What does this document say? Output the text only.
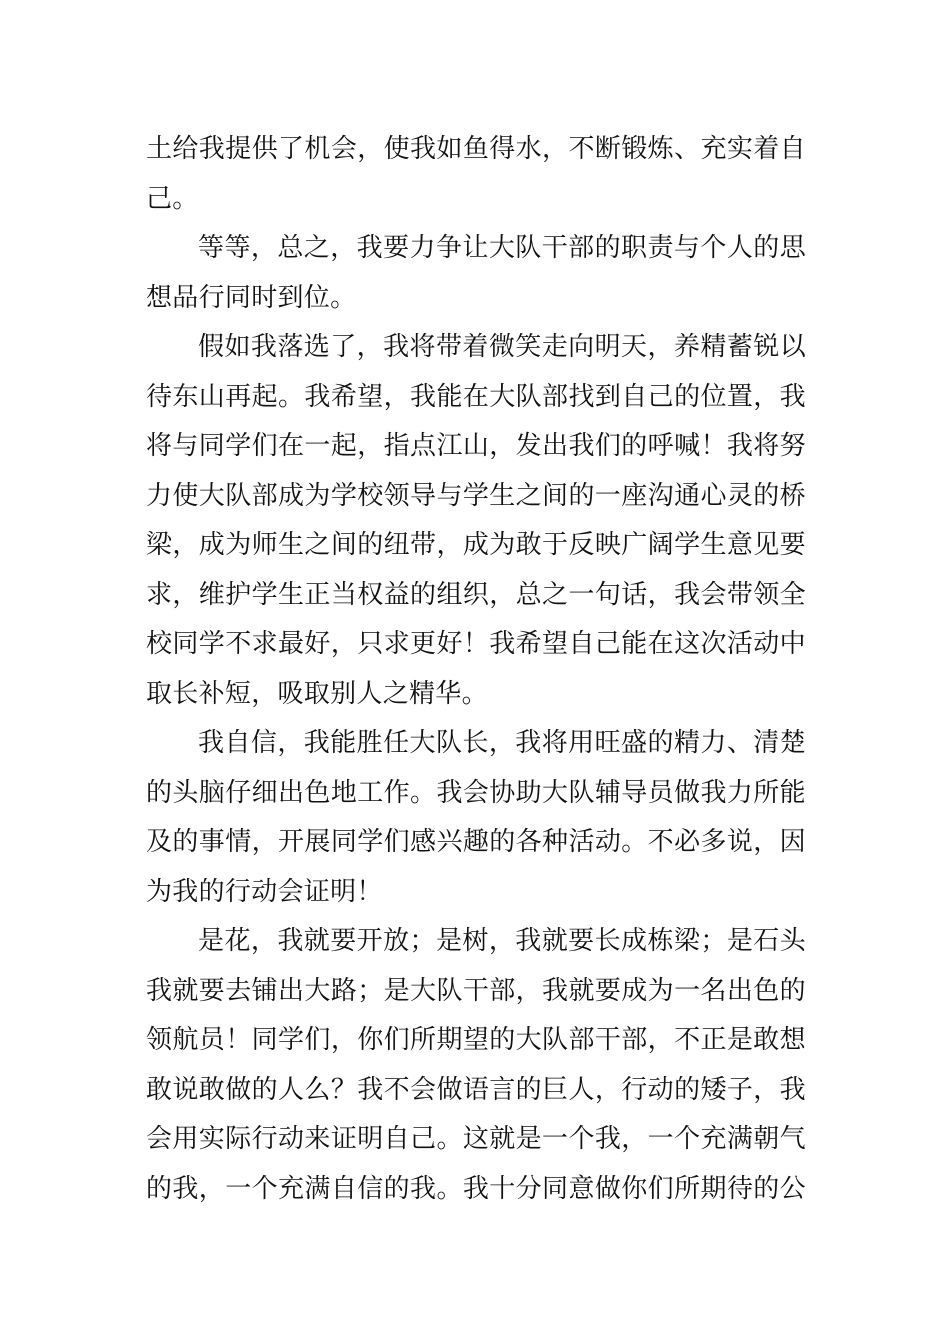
土给我提供了机会，使我如鱼得水，不断锻炼、充实着自
己。
等等，总之，我要力争让大队干部的职责与个人的思
想品行同时到位。
假如我落选了，我将带着微笑走向明天，养精蓄锐以
待东山再起。我希望，我能在大队部找到自己的位置，我
将与同学们在一起，指点江山，发出我们的呼喊！我将努
力使大队部成为学校领导与学生之间的一座沟通心灵的桥
梁，成为师生之间的纽带，成为敢于反映广阔学生意见要
求，维护学生正当权益的组织，总之一句话，我会带领全
校同学不求最好，只求更好！我希望自己能在这次活动中
取长补短，吸取别人之精华。
我自信，我能胜任大队长，我将用旺盛的精力、清楚
的头脑仔细出色地工作。我会协助大队辅导员做我力所能
及的事情，开展同学们感兴趣的各种活动。不必多说，因
为我的行动会证明！
是花，我就要开放；是树，我就要长成栋梁；是石头
我就要去铺出大路；是大队干部，我就要成为一名出色的
领航员！同学们，你们所期望的大队部干部，不正是敢想
敢说敢做的人么？我不会做语言的巨人，行动的矮子，我
会用实际行动来证明自己。这就是一个我，一个充满朝气
的我，一个充满自信的我。我十分同意做你们所期待的公
